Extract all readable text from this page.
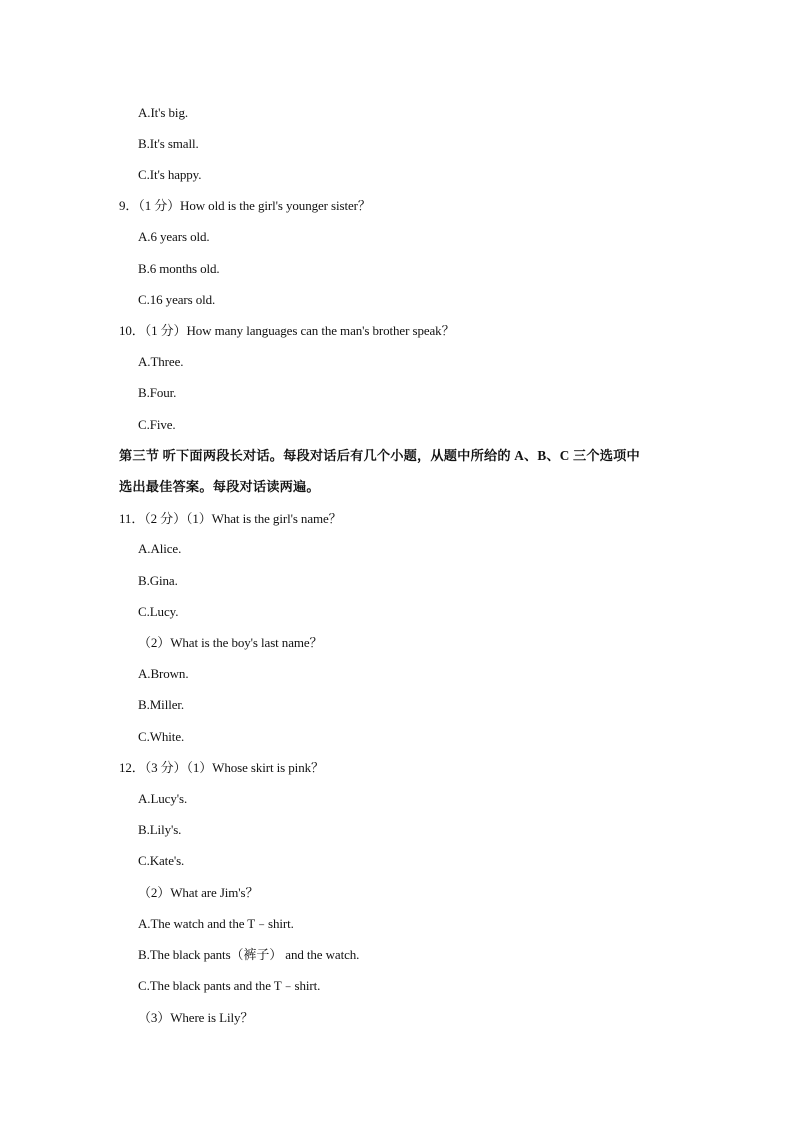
A.It's big.
B.It's small.
C.It's happy.
9．（1 分）How old is the girl's younger sister？
A.6 years old.
B.6 months old.
C.16 years old.
10．（1 分）How many languages can the man's brother speak？
A.Three.
B.Four.
C.Five.
第三节 听下面两段长对话。每段对话后有几个小题，从题中所给的 A、B、C 三个选项中
选出最佳答案。每段对话读两遍。
11．（2 分）（1）What is the girl's name？
A.Alice.
B.Gina.
C.Lucy.
（2）What is the boy's last name？
A.Brown.
B.Miller.
C.White.
12．（3 分）（1）Whose skirt is pink？
A.Lucy's.
B.Lily's.
C.Kate's.
（2）What are Jim's？
A.The watch and the T﹣shirt.
B.The black pants（裤子） and the watch.
C.The black pants and the T﹣shirt.
（3）Where is Lily？
